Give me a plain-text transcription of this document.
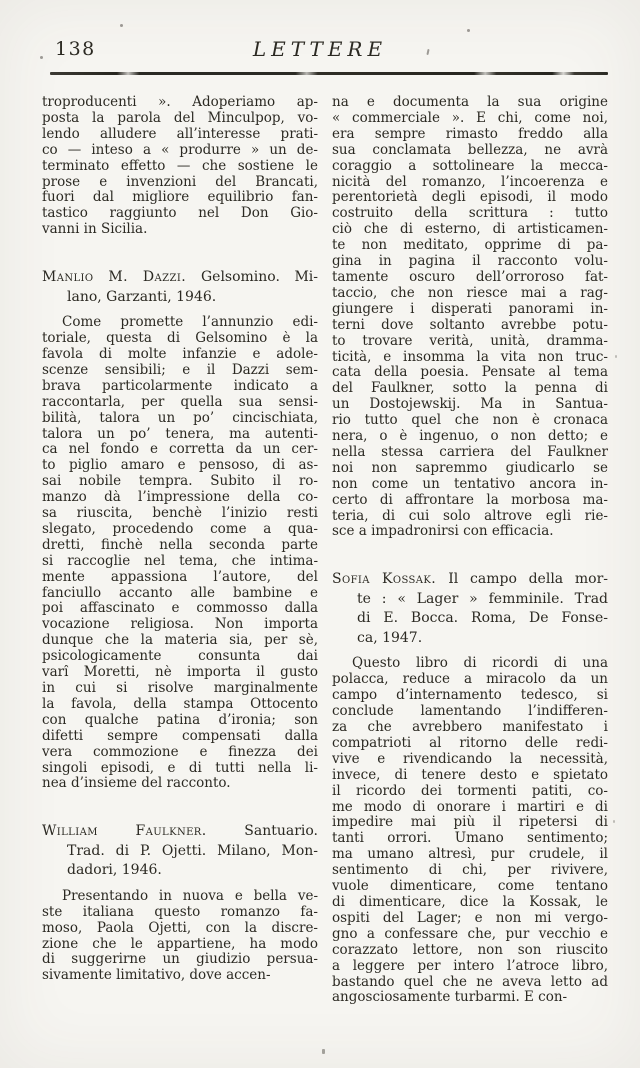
138	LETTERE
troproducenti ». Adoperiamo ap-
posta la parola del Minculpop, vo-
lendo alludere all’interesse prati-
co — inteso a « produrre » un de-
terminato effetto — che sostiene le
prose e invenzioni del Brancati,
fuori dal migliore equilibrio fan-
tastico raggiunto nel Don Gio-
vanni in Sicilia.
Manlio M. Dazzi. Gelsomino. Mi-
lano, Garzanti, 1946.
Come promette l’annunzio edi-
toriale, questa di Gelsomino è la
favola di molte infanzie e adole-
scenze sensibili; e il Dazzi sem-
brava particolarmente indicato a
raccontarla, per quella sua sensi-
bilità, talora un po’ cincischiata,
talora un po’ tenera, ma autenti-
ca nel fondo e corretta da un cer-
to piglio amaro e pensoso, di as-
sai nobile tempra. Subito il ro-
manzo dà l’impressione della co-
sa riuscita, benchè l’inizio resti
slegato, procedendo come a qua-
dretti, finchè nella seconda parte
si raccoglie nel tema, che intima-
mente appassiona l’autore, del
fanciullo accanto alle bambine e
poi affascinato e commosso dalla
vocazione religiosa. Non importa
dunque che la materia sia, per sè,
psicologicamente consunta dai
varî Moretti, nè importa il gusto
in cui si risolve marginalmente
la favola, della stampa Ottocento
con qualche patina d’ironia; son
difetti sempre compensati dalla
vera commozione e finezza dei
singoli episodi, e di tutti nella li-
nea d’insieme del racconto.
William Faulkner. Santuario.
Trad. di P. Ojetti. Milano, Mon-
dadori, 1946.
Presentando in nuova e bella ve-
ste italiana questo romanzo fa-
moso, Paola Ojetti, con la discre-
zione che le appartiene, ha modo
di suggerirne un giudizio persua-
sivamente limitativo, dove accen-
na e documenta la sua origine
« commerciale ». E chi, come noi,
era sempre rimasto freddo alla
sua conclamata bellezza, ne avrà
coraggio a sottolineare la mecca-
nicità del romanzo, l’incoerenza e
perentorietà degli episodi, il modo
costruito della scrittura : tutto
ciò che di esterno, di artisticamen-
te non meditato, opprime di pa-
gina in pagina il racconto volu-
tamente oscuro dell’orroroso fat-
taccio, che non riesce mai a rag-
giungere i disperati panorami in-
terni dove soltanto avrebbe potu-
to trovare verità, unità, dramma-
ticità, e insomma la vita non truc-
cata della poesia. Pensate al tema
del Faulkner, sotto la penna di
un Dostojewskij. Ma in Santua-
rio tutto quel che non è cronaca
nera, o è ingenuo, o non detto; e
nella stessa carriera del Faulkner
noi non sapremmo giudicarlo se
non come un tentativo ancora in-
certo di affrontare la morbosa ma-
teria, di cui solo altrove egli rie-
sce a impadronirsi con efficacia.
Sofia Kossak. Il campo della mor-
te : « Lager » femminile. Trad
di E. Bocca. Roma, De Fonse-
ca, 1947.
Questo libro di ricordi di una
polacca, reduce a miracolo da un
campo d’internamento tedesco, si
conclude lamentando l’indifferen-
za che avrebbero manifestato i
compatrioti al ritorno delle redi-
vive e rivendicando la necessità,
invece, di tenere desto e spietato
il ricordo dei tormenti patiti, co-
me modo di onorare i martiri e di
impedire mai più il ripetersi di
tanti orrori. Umano sentimento;
ma umano altresì, pur crudele, il
sentimento di chi, per rivivere,
vuole dimenticare, come tentano
di dimenticare, dice la Kossak, le
ospiti del Lager; e non mi vergo-
gno a confessare che, pur vecchio e
corazzato lettore, non son riuscito
a leggere per intero l’atroce libro,
bastando quel che ne aveva letto ad
angosciosamente turbarmi. E con-
